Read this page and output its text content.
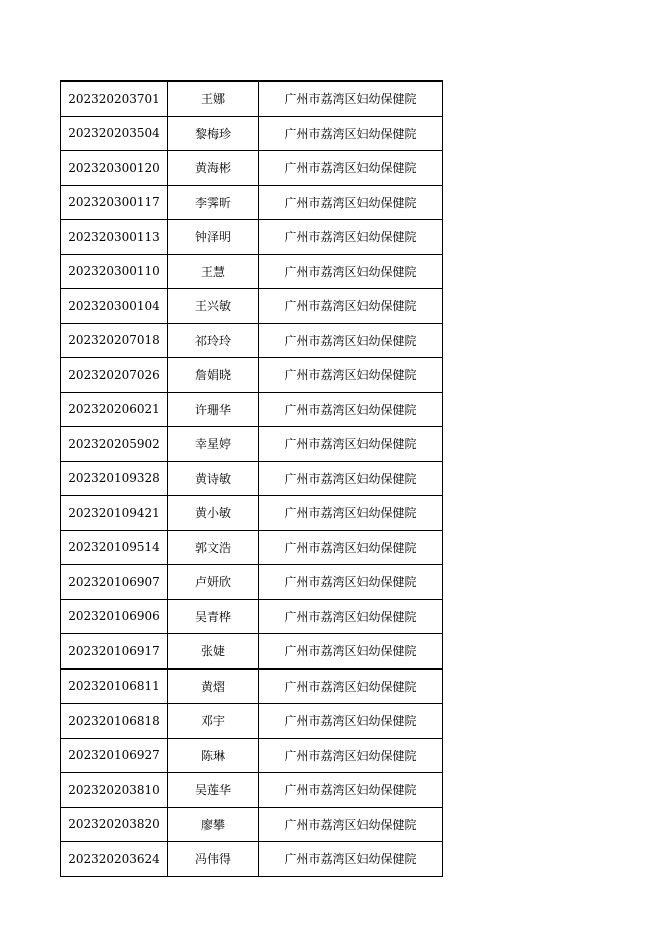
202320203701	王娜	广州市荔湾区妇幼保健院
202320203504	黎梅珍	广州市荔湾区妇幼保健院
202320300120	黄海彬	广州市荔湾区妇幼保健院
202320300117	李霁昕	广州市荔湾区妇幼保健院
202320300113	钟泽明	广州市荔湾区妇幼保健院
202320300110	王慧	广州市荔湾区妇幼保健院
202320300104	王兴敏	广州市荔湾区妇幼保健院
202320207018	祁玲玲	广州市荔湾区妇幼保健院
202320207026	詹娟晓	广州市荔湾区妇幼保健院
202320206021	许珊华	广州市荔湾区妇幼保健院
202320205902	幸星婷	广州市荔湾区妇幼保健院
202320109328	黄诗敏	广州市荔湾区妇幼保健院
202320109421	黄小敏	广州市荔湾区妇幼保健院
202320109514	郭文浩	广州市荔湾区妇幼保健院
202320106907	卢妍欣	广州市荔湾区妇幼保健院
202320106906	吴青桦	广州市荔湾区妇幼保健院
202320106917	张婕	广州市荔湾区妇幼保健院
202320106811	黄熠	广州市荔湾区妇幼保健院
202320106818	邓宇	广州市荔湾区妇幼保健院
202320106927	陈琳	广州市荔湾区妇幼保健院
202320203810	吴莲华	广州市荔湾区妇幼保健院
202320203820	廖攀	广州市荔湾区妇幼保健院
202320203624	冯伟得	广州市荔湾区妇幼保健院
